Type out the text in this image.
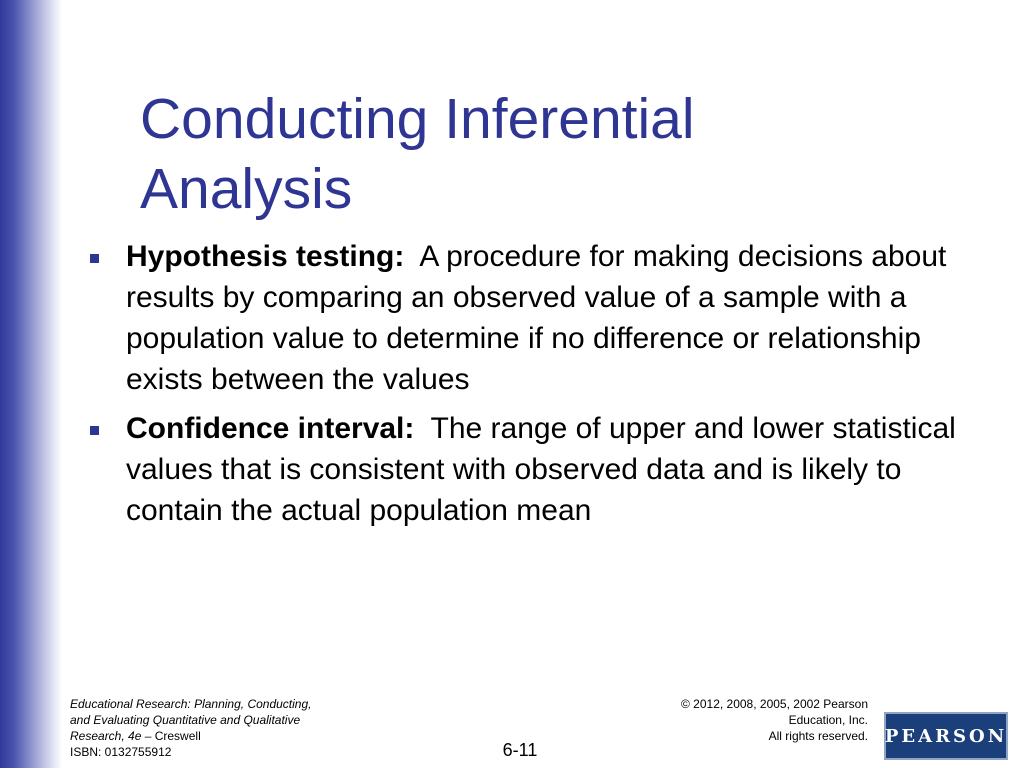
Conducting Inferential
Analysis
Hypothesis testing: A procedure for making decisions about results by comparing an observed value of a sample with a population value to determine if no difference or relationship exists between the values
Confidence interval: The range of upper and lower statistical values that is consistent with observed data and is likely to contain the actual population mean
Educational Research: Planning, Conducting,
and Evaluating Quantitative and Qualitative
Research, 4e – Creswell
ISBN: 0132755912
© 2012, 2008, 2005, 2002 Pearson
Education, Inc.
All rights reserved.
6-11
PEARSON
